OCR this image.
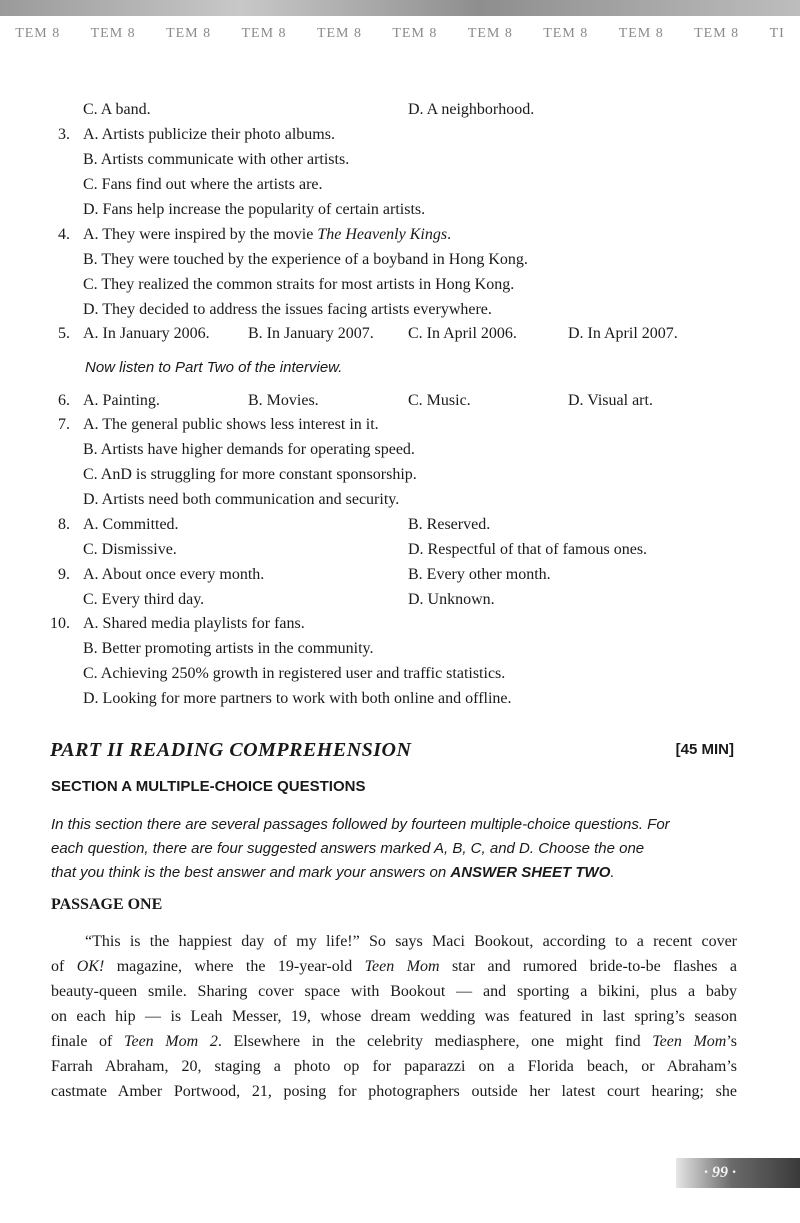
TEM 8 TEM 8 TEM 8 TEM 8 TEM 8 TEM 8 TEM 8 TEM 8 TEM 8 TEM 8 TI
C. A band.	D. A neighborhood.
3. A. Artists publicize their photo albums.
B. Artists communicate with other artists.
C. Fans find out where the artists are.
D. Fans help increase the popularity of certain artists.
4. A. They were inspired by the movie The Heavenly Kings.
B. They were touched by the experience of a boyband in Hong Kong.
C. They realized the common straits for most artists in Hong Kong.
D. They decided to address the issues facing artists everywhere.
5. A. In January 2006. B. In January 2007. C. In April 2006.	D. In April 2007.
Now listen to Part Two of the interview.
6. A. Painting.	B. Movies.	C. Music.	D. Visual art.
7. A. The general public shows less interest in it.
B. Artists have higher demands for operating speed.
C. AnD is struggling for more constant sponsorship.
D. Artists need both communication and security.
8. A. Committed.	B. Reserved.
C. Dismissive.	D. Respectful of that of famous ones.
9. A. About once every month.	B. Every other month.
C. Every third day.	D. Unknown.
10. A. Shared media playlists for fans.
B. Better promoting artists in the community.
C. Achieving 250% growth in registered user and traffic statistics.
D. Looking for more partners to work with both online and offline.
PART II READING COMPREHENSION	[45 MIN]
SECTION A MULTIPLE-CHOICE QUESTIONS
In this section there are several passages followed by fourteen multiple-choice questions. For
each question, there are four suggested answers marked A, B, C, and D. Choose the one
that you think is the best answer and mark your answers on ANSWER SHEET TWO.
PASSAGE ONE
“This is the happiest day of my life!” So says Maci Bookout, according to a recent cover
of OK! magazine, where the 19-year-old Teen Mom star and rumored bride-to-be flashes a
beauty-queen smile. Sharing cover space with Bookout — and sporting a bikini, plus a baby
on each hip — is Leah Messer, 19, whose dream wedding was featured in last spring’s season
finale of Teen Mom 2. Elsewhere in the celebrity mediasphere, one might find Teen Mom’s
Farrah Abraham, 20, staging a photo op for paparazzi on a Florida beach, or Abraham’s
castmate Amber Portwood, 21, posing for photographers outside her latest court hearing; she
· 99 ·
